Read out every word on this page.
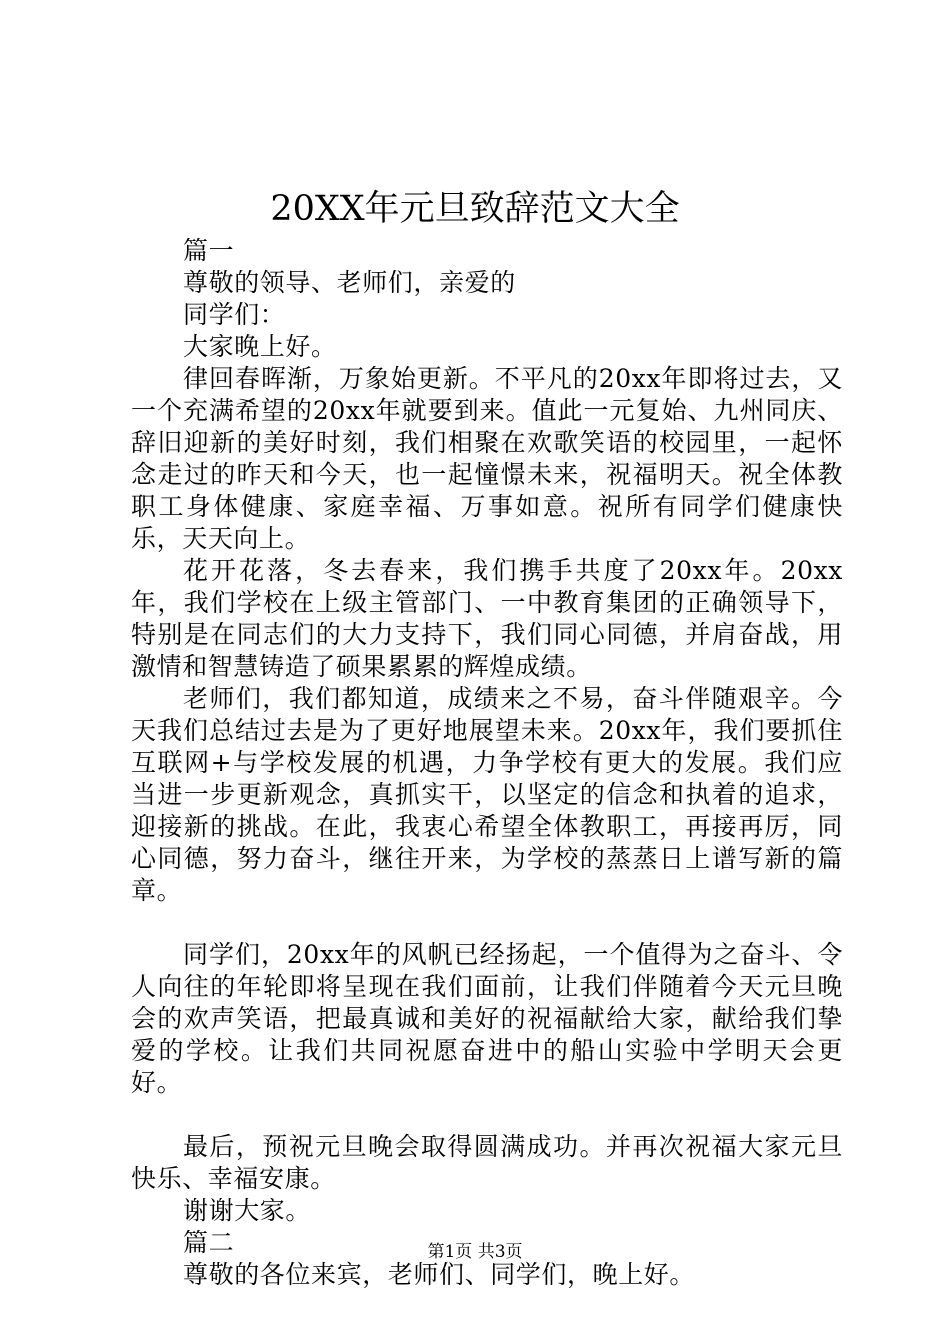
20XX年元旦致辞范文大全

篇一

尊敬的领导、老师们，亲爱的

同学们：

大家晚上好。

律回春晖渐，万象始更新。不平凡的20xx年即将过去，又一个充满希望的20xx年就要到来。值此一元复始、九州同庆、辞旧迎新的美好时刻，我们相聚在欢歌笑语的校园里，一起怀念走过的昨天和今天，也一起憧憬未来，祝福明天。祝全体教职工身体健康、家庭幸福、万事如意。祝所有同学们健康快乐，天天向上。

花开花落，冬去春来，我们携手共度了20xx年。20xx年，我们学校在上级主管部门、一中教育集团的正确领导下，特别是在同志们的大力支持下，我们同心同德，并肩奋战，用激情和智慧铸造了硕果累累的辉煌成绩。

老师们，我们都知道，成绩来之不易，奋斗伴随艰辛。今天我们总结过去是为了更好地展望未来。20xx年，我们要抓住互联网+与学校发展的机遇，力争学校有更大的发展。我们应当进一步更新观念，真抓实干，以坚定的信念和执着的追求，迎接新的挑战。在此，我衷心希望全体教职工，再接再厉，同心同德，努力奋斗，继往开来，为学校的蒸蒸日上谱写新的篇章。

同学们，20xx年的风帆已经扬起，一个值得为之奋斗、令人向往的年轮即将呈现在我们面前，让我们伴随着今天元旦晚会的欢声笑语，把最真诚和美好的祝福献给大家，献给我们挚爱的学校。让我们共同祝愿奋进中的船山实验中学明天会更好。

最后，预祝元旦晚会取得圆满成功。并再次祝福大家元旦快乐、幸福安康。

谢谢大家。

篇二

尊敬的各位来宾，老师们、同学们，晚上好。

第1页 共3页
